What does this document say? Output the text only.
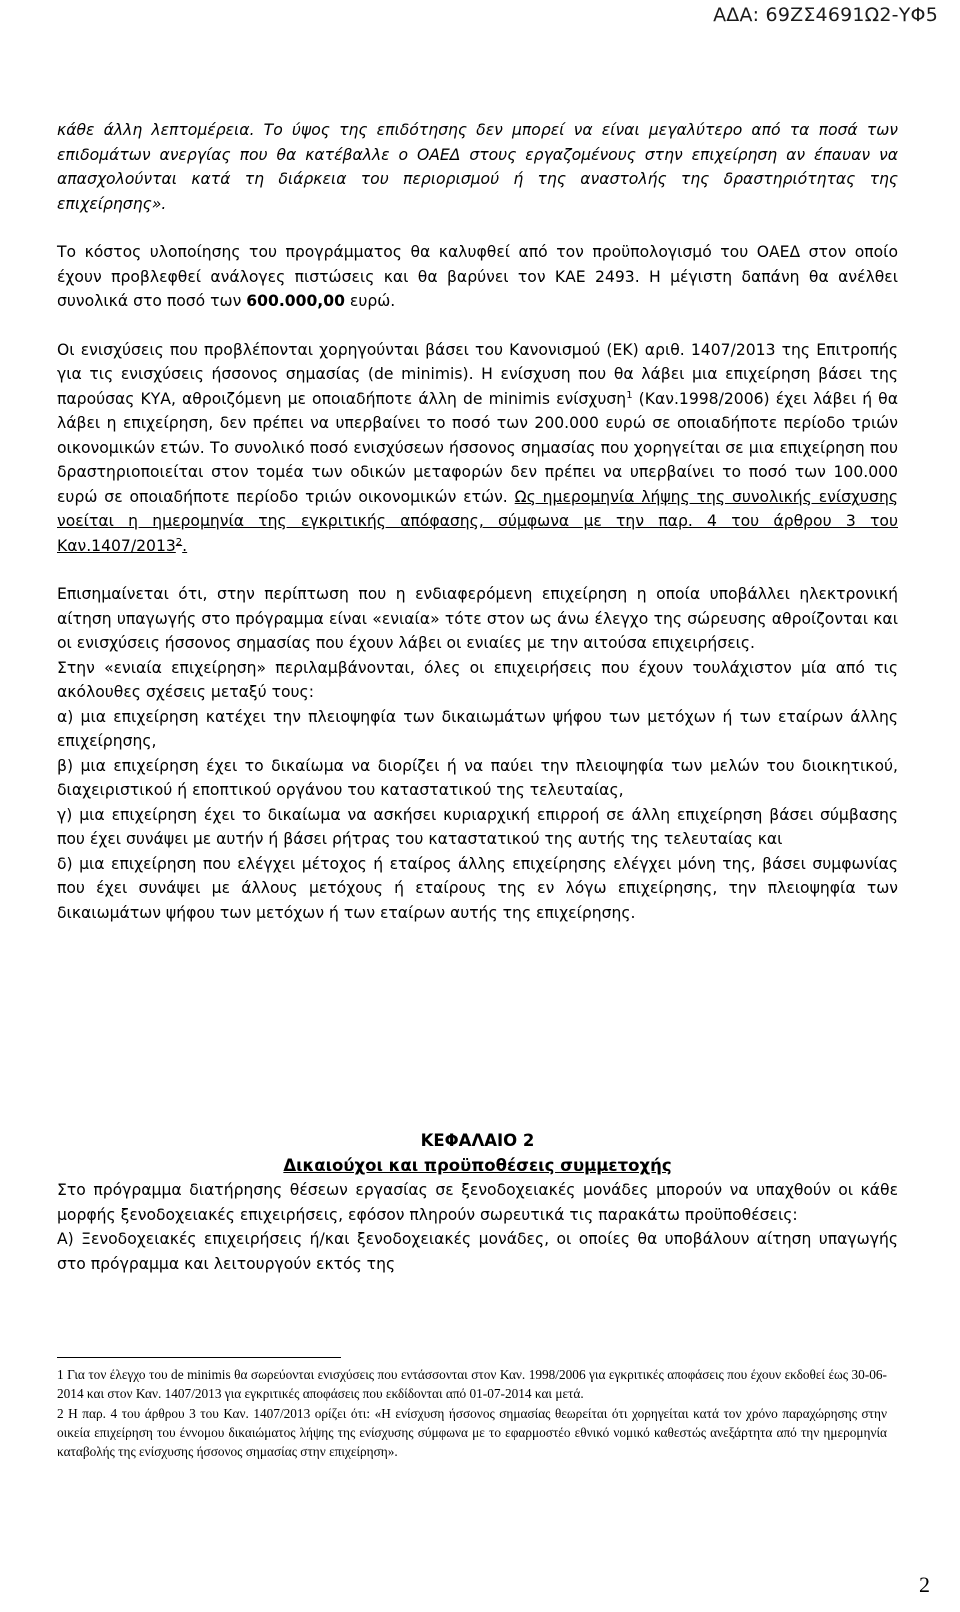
ΑΔΑ: 69ΖΣ4691Ω2-ΥΦ5

κάθε άλλη λεπτομέρεια. Το ύψος της επιδότησης δεν μπορεί να είναι μεγαλύτερο από τα ποσά των επιδομάτων ανεργίας που θα κατέβαλλε ο ΟΑΕΔ στους εργαζομένους στην επιχείρηση αν έπαυαν να απασχολούνται κατά τη διάρκεια του περιορισμού ή της αναστολής της δραστηριότητας της επιχείρησης».

Το κόστος υλοποίησης του προγράμματος θα καλυφθεί από τον προϋπολογισμό του ΟΑΕΔ στον οποίο έχουν προβλεφθεί ανάλογες πιστώσεις και θα βαρύνει τον ΚΑΕ 2493. Η μέγιστη δαπάνη θα ανέλθει συνολικά στο ποσό των 600.000,00 ευρώ.

Οι ενισχύσεις που προβλέπονται χορηγούνται βάσει του Κανονισμού (ΕΚ) αριθ. 1407/2013 της Επιτροπής για τις ενισχύσεις ήσσονος σημασίας (de minimis). Η ενίσχυση που θα λάβει μια επιχείρηση βάσει της παρούσας ΚΥΑ, αθροιζόμενη με οποιαδήποτε άλλη de minimis ενίσχυση$^1$ (Καν.1998/2006) έχει λάβει ή θα λάβει η επιχείρηση, δεν πρέπει να υπερβαίνει το ποσό των 200.000 ευρώ σε οποιαδήποτε περίοδο τριών οικονομικών ετών. Το συνολικό ποσό ενισχύσεων ήσσονος σημασίας που χορηγείται σε μια επιχείρηση που δραστηριοποιείται στον τομέα των οδικών μεταφορών δεν πρέπει να υπερβαίνει το ποσό των 100.000 ευρώ σε οποιαδήποτε περίοδο τριών οικονομικών ετών. Ως ημερομηνία λήψης της συνολικής ενίσχυσης νοείται η ημερομηνία της εγκριτικής απόφασης, σύμφωνα με την παρ. 4 του άρθρου 3 του Καν.1407/2013$^2$.

Επισημαίνεται ότι, στην περίπτωση που η ενδιαφερόμενη επιχείρηση η οποία υποβάλλει ηλεκτρονική αίτηση υπαγωγής στο πρόγραμμα είναι «ενιαία» τότε στον ως άνω έλεγχο της σώρευσης αθροίζονται και οι ενισχύσεις ήσσονος σημασίας που έχουν λάβει οι ενιαίες με την αιτούσα επιχειρήσεις.

Στην «ενιαία επιχείρηση» περιλαμβάνονται, όλες οι επιχειρήσεις που έχουν τουλάχιστον μία από τις ακόλουθες σχέσεις μεταξύ τους:

α) μια επιχείρηση κατέχει την πλειοψηφία των δικαιωμάτων ψήφου των μετόχων ή των εταίρων άλλης επιχείρησης,

β) μια επιχείρηση έχει το δικαίωμα να διορίζει ή να παύει την πλειοψηφία των μελών του διοικητικού, διαχειριστικού ή εποπτικού οργάνου του καταστατικού της τελευταίας,

γ) μια επιχείρηση έχει το δικαίωμα να ασκήσει κυριαρχική επιρροή σε άλλη επιχείρηση βάσει σύμβασης που έχει συνάψει με αυτήν ή βάσει ρήτρας του καταστατικού της αυτής της τελευταίας και

δ) μια επιχείρηση που ελέγχει μέτοχος ή εταίρος άλλης επιχείρησης ελέγχει μόνη της, βάσει συμφωνίας που έχει συνάψει με άλλους μετόχους ή εταίρους της εν λόγω επιχείρησης, την πλειοψηφία των δικαιωμάτων ψήφου των μετόχων ή των εταίρων αυτής της επιχείρησης.

ΚΕΦΑΛΑΙΟ 2

Δικαιούχοι και προϋποθέσεις συμμετοχής

Στο πρόγραμμα διατήρησης θέσεων εργασίας σε ξενοδοχειακές μονάδες μπορούν να υπαχθούν οι κάθε μορφής ξενοδοχειακές επιχειρήσεις, εφόσον πληρούν σωρευτικά τις παρακάτω προϋποθέσεις:

Α) Ξενοδοχειακές επιχειρήσεις ή/και ξενοδοχειακές μονάδες, οι οποίες θα υποβάλουν αίτηση υπαγωγής στο πρόγραμμα και λειτουργούν εκτός της

1 Για τον έλεγχο του de minimis θα σωρεύονται ενισχύσεις που εντάσσονται στον Καν. 1998/2006 για εγκριτικές αποφάσεις που έχουν εκδοθεί έως 30-06-2014 και στον Καν. 1407/2013 για εγκριτικές αποφάσεις που εκδίδονται από 01-07-2014 και μετά.

2 Η παρ. 4 του άρθρου 3 του Καν. 1407/2013 ορίζει ότι: «Η ενίσχυση ήσσονος σημασίας θεωρείται ότι χορηγείται κατά τον χρόνο παραχώρησης στην οικεία επιχείρηση του έννομου δικαιώματος λήψης της ενίσχυσης σύμφωνα με το εφαρμοστέο εθνικό νομικό καθεστώς ανεξάρτητα από την ημερομηνία καταβολής της ενίσχυσης ήσσονος σημασίας στην επιχείρηση».

2
